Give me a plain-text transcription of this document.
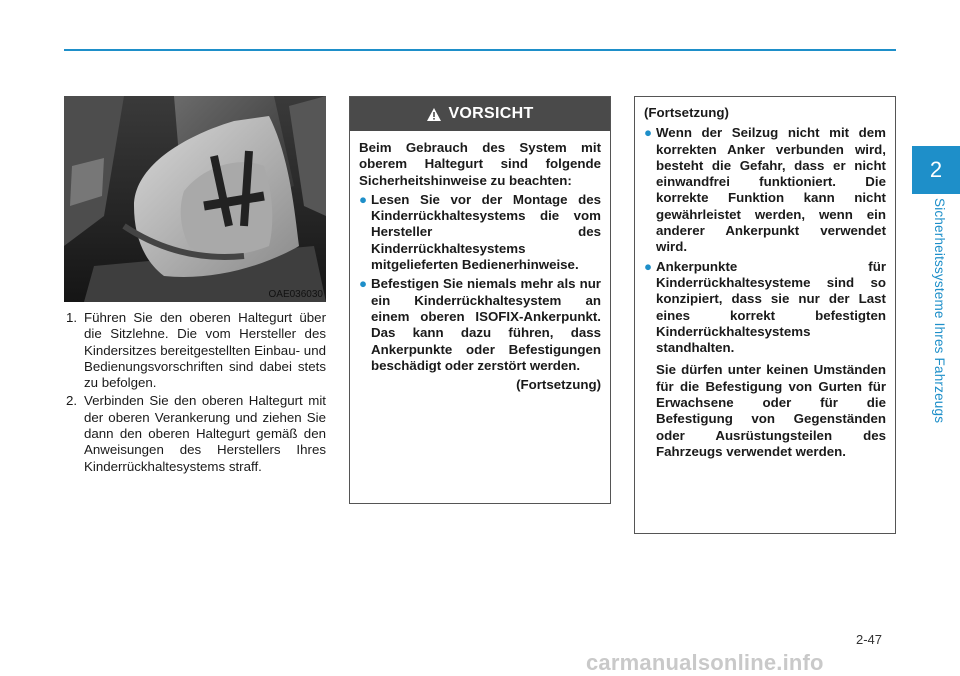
2
Sicherheitssysteme Ihres Fahrzeugs
OAE036030
1. Führen Sie den oberen Haltegurt über die Sitzlehne. Die vom Hersteller des Kindersitzes bereitgestellten Einbau- und Bedienungsvorschriften sind dabei stets zu befolgen.
2. Verbinden Sie den oberen Haltegurt mit der oberen Verankerung und ziehen Sie dann den oberen Haltegurt gemäß den Anweisungen des Herstellers Ihres Kinderrückhaltesystems straff.
VORSICHT
Beim Gebrauch des System mit oberem Haltegurt sind folgende Sicherheitshinweise zu beachten:
● Lesen Sie vor der Montage des Kinderrückhaltesystems die vom Hersteller des Kinderrückhaltesystems mitgelieferten Bedienerhinweise.
● Befestigen Sie niemals mehr als nur ein Kinderrückhaltesystem an einem oberen ISOFIX-Ankerpunkt. Das kann dazu führen, dass Ankerpunkte oder Befestigungen beschädigt oder zerstört werden.
(Fortsetzung)
(Fortsetzung)
● Wenn der Seilzug nicht mit dem korrekten Anker verbunden wird, besteht die Gefahr, dass er nicht einwandfrei funktioniert. Die korrekte Funktion kann nicht gewährleistet werden, wenn ein anderer Ankerpunkt verwendet wird.
● Ankerpunkte für Kinderrückhaltesysteme sind so konzipiert, dass sie nur der Last eines korrekt befestigten Kinderrückhaltesystems standhalten.
Sie dürfen unter keinen Umständen für die Befestigung von Gurten für Erwachsene oder für die Befestigung von Gegenständen oder Ausrüstungsteilen des Fahrzeugs verwendet werden.
2-47
carmanualsonline.info
